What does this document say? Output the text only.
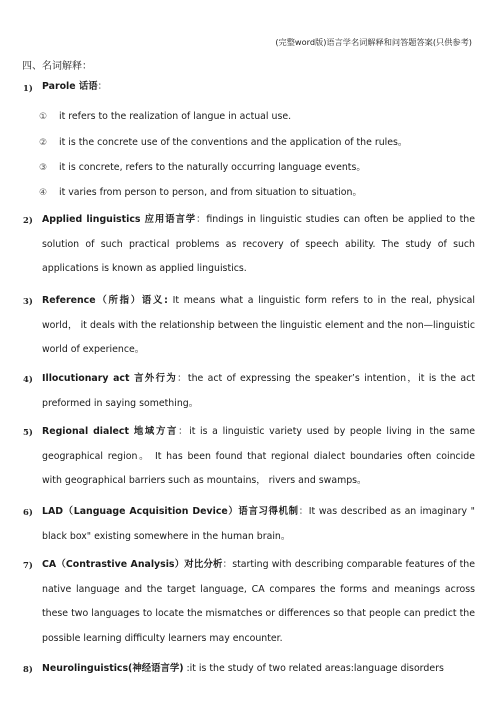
(完整word版)语言学名词解释和问答题答案(只供参考)
四、名词解释：
1) Parole 话语：
① it refers to the realization of langue in actual use.
② it is the concrete use of the conventions and the application of the rules。
③ it is concrete, refers to the naturally occurring language events。
④ it varies from person to person, and from situation to situation。
2) Applied linguistics 应用语言学：findings in linguistic studies can often be applied to the solution of such practical problems as recovery of speech ability. The study of such applications is known as applied linguistics.
3) Reference（所指）语义: It means what a linguistic form refers to in the real, physical world， it deals with the relationship between the linguistic element and the non—linguistic world of experience。
4) Illocutionary act 言外行为：the act of expressing the speaker’s intention，it is the act preformed in saying something。
5) Regional dialect 地域方言：it is a linguistic variety used by people living in the same geographical region。 It has been found that regional dialect boundaries often coincide with geographical barriers such as mountains， rivers and swamps。
6) LAD（Language Acquisition Device）语言习得机制：It was described as an imaginary " black box" existing somewhere in the human brain。
7) CA（Contrastive Analysis）对比分析：starting with describing comparable features of the native language and the target language, CA compares the forms and meanings across these two languages to locate the mismatches or differences so that people can predict the possible learning difficulty learners may encounter.
8) Neurolinguistics(神经语言学) :it is the study of two related areas:language disorders
